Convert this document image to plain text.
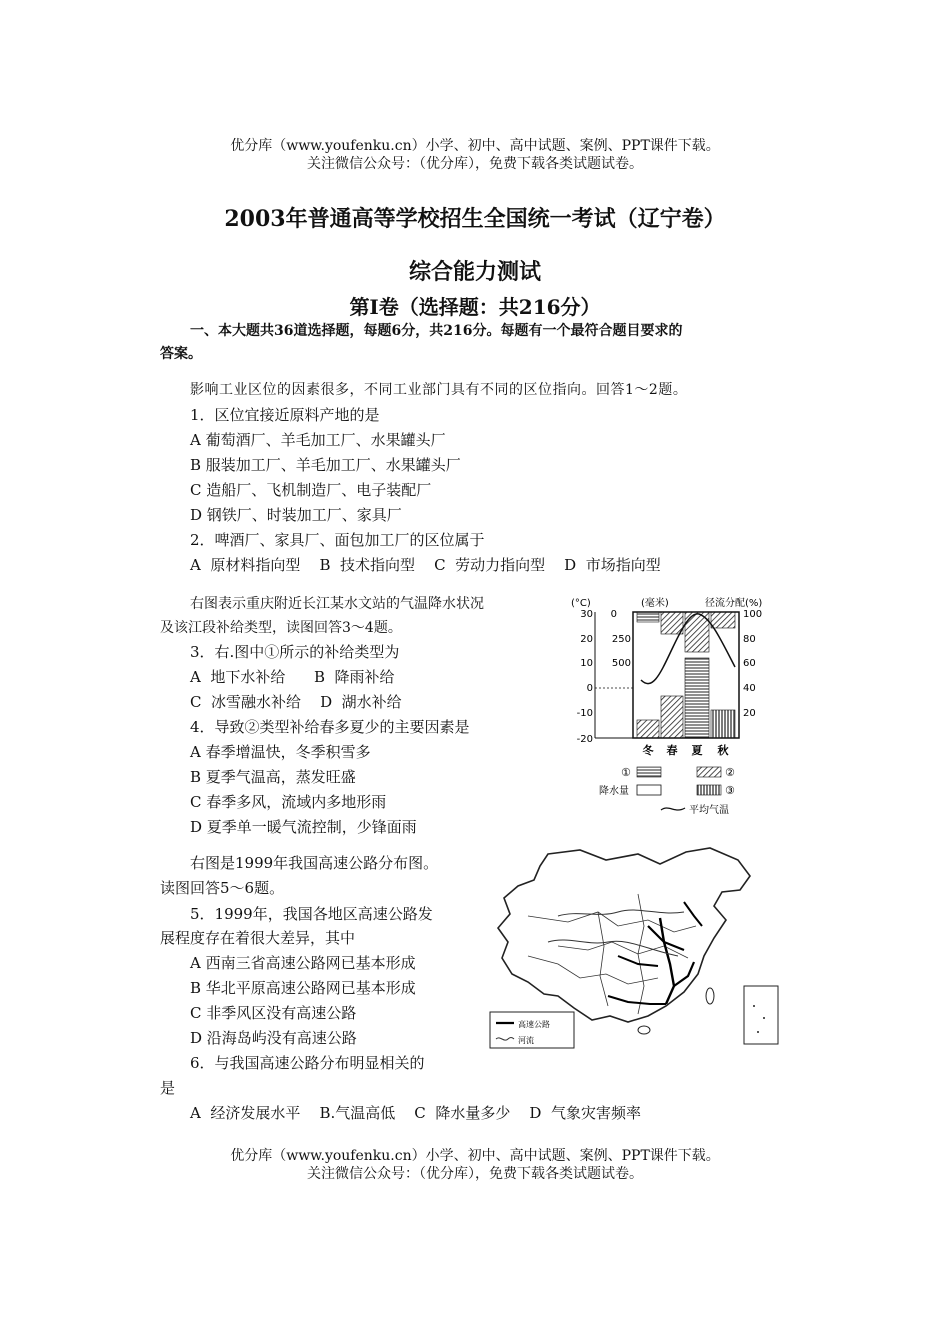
优分库（www.youfenku.cn）小学、初中、高中试题、案例、PPT课件下载。
关注微信公众号：（优分库），免费下载各类试题试卷。
2003年普通高等学校招生全国统一考试（辽宁卷）
综合能力测试
第Ⅰ卷（选择题：共216分）
一、本大题共36道选择题，每题6分，共216分。每题有一个最符合题目要求的
答案。
影响工业区位的因素很多，不同工业部门具有不同的区位指向。回答1～2题。
1．区位宜接近原料产地的是
A 葡萄酒厂、羊毛加工厂、水果罐头厂
B 服装加工厂、羊毛加工厂、水果罐头厂
C 造船厂、飞机制造厂、电子装配厂
D 钢铁厂、时装加工厂、家具厂
2．啤酒厂、家具厂、面包加工厂的区位属于
A  原材料指向型    B  技术指向型    C  劳动力指向型    D  市场指向型
右图表示重庆附近长江某水文站的气温降水状况
及该江段补给类型，读图回答3～4题。
3．右.图中①所示的补给类型为
A  地下水补给      B  降雨补给
C  冰雪融水补给    D  湖水补给
4．导致②类型补给春多夏少的主要因素是
A 春季增温快，冬季积雪多
B 夏季气温高，蒸发旺盛
C 春季多风，流域内多地形雨
D 夏季单一暖气流控制，少锋面雨
(°C)	(毫米)	径流分配(%)
30
20
10
0
-10
-20
0
250
500
100
80
60
40
20
冬 春 夏 秋
①	②
降水量	③
平均气温
右图是1999年我国高速公路分布图。
读图回答5～6题。
5．1999年，我国各地区高速公路发
展程度存在着很大差异，其中
A 西南三省高速公路网已基本形成
B 华北平原高速公路网已基本形成
C 非季风区没有高速公路
D 沿海岛屿没有高速公路
6．与我国高速公路分布明显相关的
是
A  经济发展水平    B.气温高低    C  降水量多少    D  气象灾害频率
高速公路
河流
优分库（www.youfenku.cn）小学、初中、高中试题、案例、PPT课件下载。
关注微信公众号：（优分库），免费下载各类试题试卷。
